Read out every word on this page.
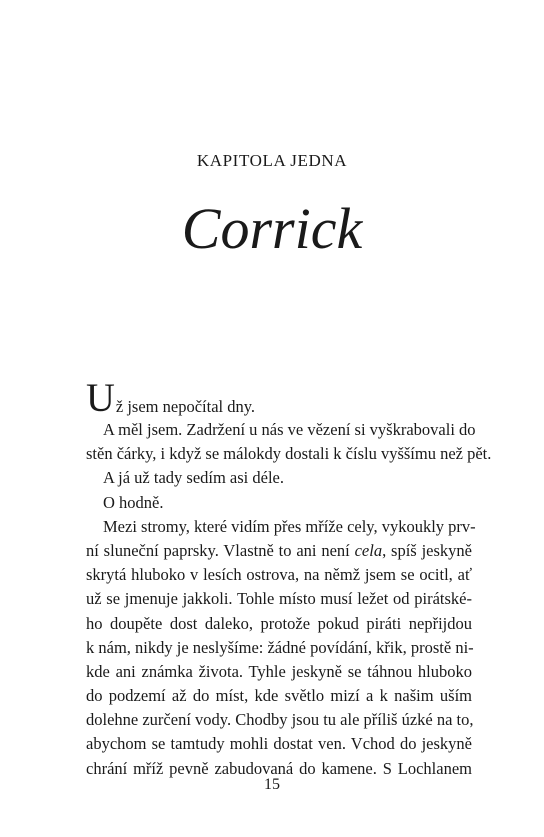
KAPITOLA JEDNA
Corrick
Už jsem nepočítal dny.
A měl jsem. Zadržení u nás ve vězení si vyškrabovali do
stěn čárky, i když se málokdy dostali k číslu vyššímu než pět.
A já už tady sedím asi déle.
O hodně.
Mezi stromy, které vidím přes mříže cely, vykoukly prv-
ní sluneční paprsky. Vlastně to ani není cela, spíš jeskyně
skrytá hluboko v lesích ostrova, na němž jsem se ocitl, ať
už se jmenuje jakkoli. Tohle místo musí ležet od pirátské-
ho doupěte dost daleko, protože pokud piráti nepřijdou
k nám, nikdy je neslyšíme: žádné povídání, křik, prostě ni-
kde ani známka života. Tyhle jeskyně se táhnou hluboko
do podzemí až do míst, kde světlo mizí a k našim uším
dolehne zurčení vody. Chodby jsou tu ale příliš úzké na to,
abychom se tamtudy mohli dostat ven. Vchod do jeskyně
chrání mříž pevně zabudovaná do kamene. S Lochlanem
15
